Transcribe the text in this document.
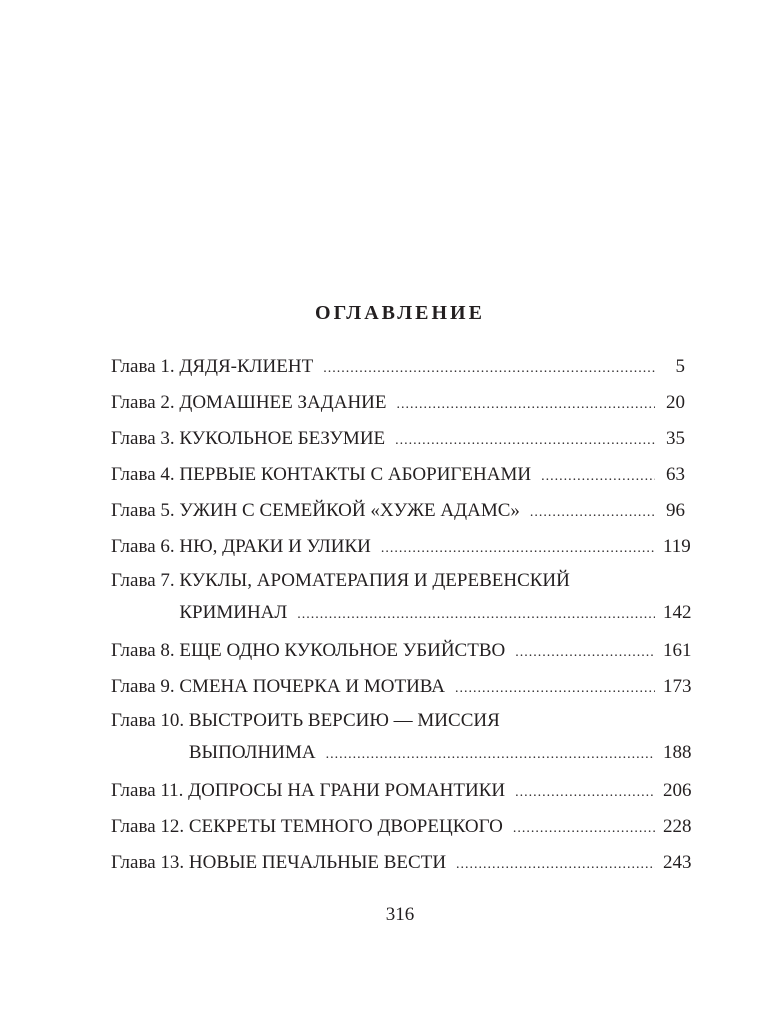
ОГЛАВЛЕНИЕ
Глава 1. ДЯДЯ-КЛИЕНТ .....	5
Глава 2. ДОМАШНЕЕ ЗАДАНИЕ .....	20
Глава 3. КУКОЛЬНОЕ БЕЗУМИЕ .....	35
Глава 4. ПЕРВЫЕ КОНТАКТЫ С АБОРИГЕНАМИ .....	63
Глава 5. УЖИН С СЕМЕЙКОЙ «ХУЖЕ АДАМС» .....	96
Глава 6. НЮ, ДРАКИ И УЛИКИ .....	119
Глава 7. КУКЛЫ, АРОМАТЕРАПИЯ И ДЕРЕВЕНСКИЙ
КРИМИНАЛ .....	142
Глава 8. ЕЩЕ ОДНО КУКОЛЬНОЕ УБИЙСТВО .....	161
Глава 9. СМЕНА ПОЧЕРКА И МОТИВА .....	173
Глава 10. ВЫСТРОИТЬ ВЕРСИЮ — МИССИЯ
ВЫПОЛНИМА .....	188
Глава 11. ДОПРОСЫ НА ГРАНИ РОМАНТИКИ .....	206
Глава 12. СЕКРЕТЫ ТЕМНОГО ДВОРЕЦКОГО .....	228
Глава 13. НОВЫЕ ПЕЧАЛЬНЫЕ ВЕСТИ .....	243
316
